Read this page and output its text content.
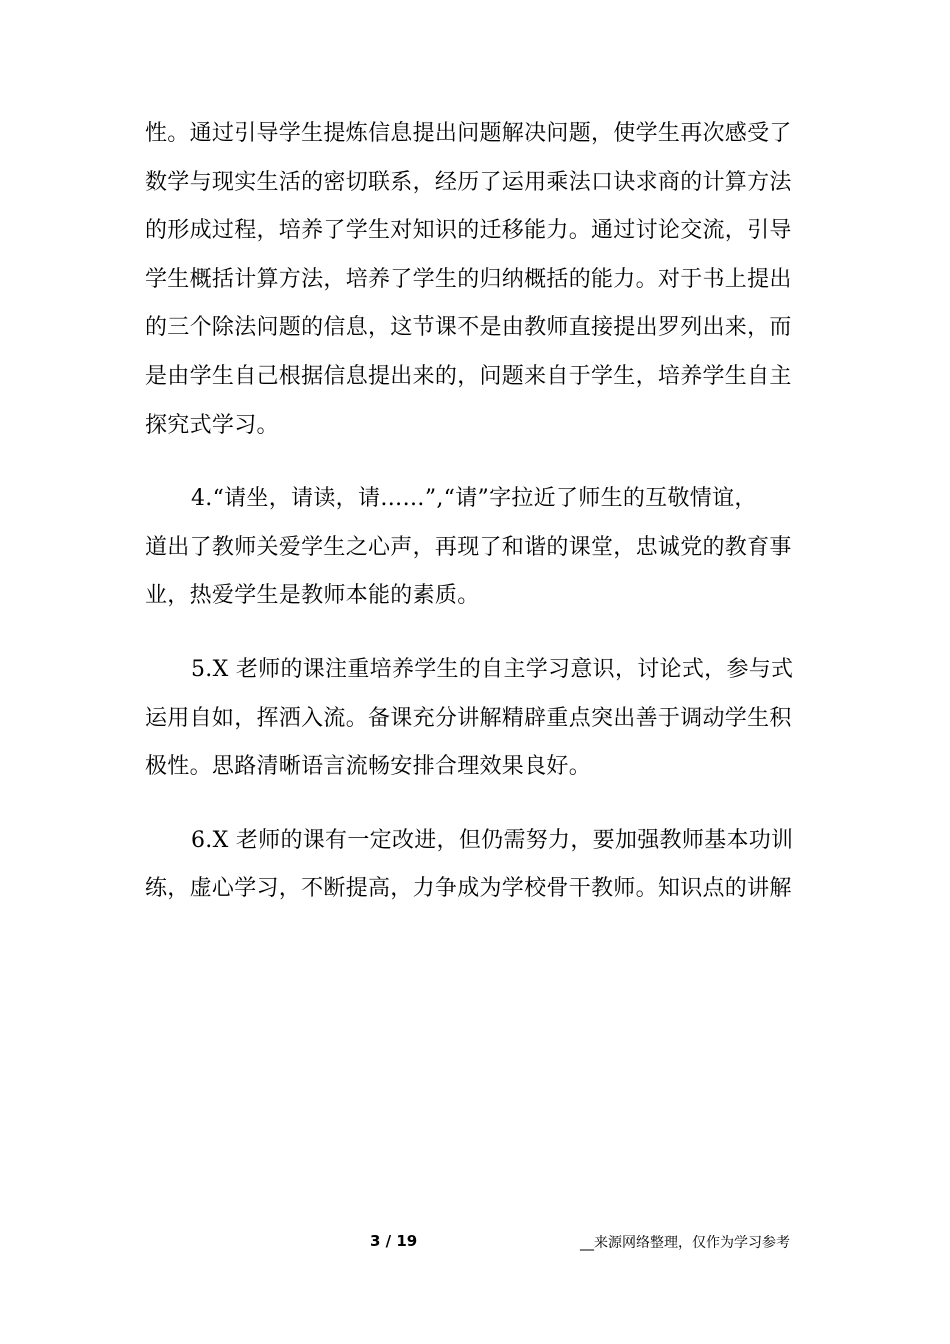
性。通过引导学生提炼信息提出问题解决问题，使学生再次感受了
数学与现实生活的密切联系，经历了运用乘法口诀求商的计算方法
的形成过程，培养了学生对知识的迁移能力。通过讨论交流，引导
学生概括计算方法，培养了学生的归纳概括的能力。对于书上提出
的三个除法问题的信息，这节课不是由教师直接提出罗列出来，而
是由学生自己根据信息提出来的，问题来自于学生，培养学生自主
探究式学习。
4.“请坐，请读，请……”,“请”字拉近了师生的互敬情谊，
道出了教师关爱学生之心声，再现了和谐的课堂，忠诚党的教育事
业，热爱学生是教师本能的素质。
5.X 老师的课注重培养学生的自主学习意识，讨论式，参与式
运用自如，挥洒入流。备课充分讲解精辟重点突出善于调动学生积
极性。思路清晰语言流畅安排合理效果良好。
6.X 老师的课有一定改进，但仍需努力，要加强教师基本功训
练，虚心学习，不断提高，力争成为学校骨干教师。知识点的讲解
3 / 19	__来源网络整理，仅作为学习参考
